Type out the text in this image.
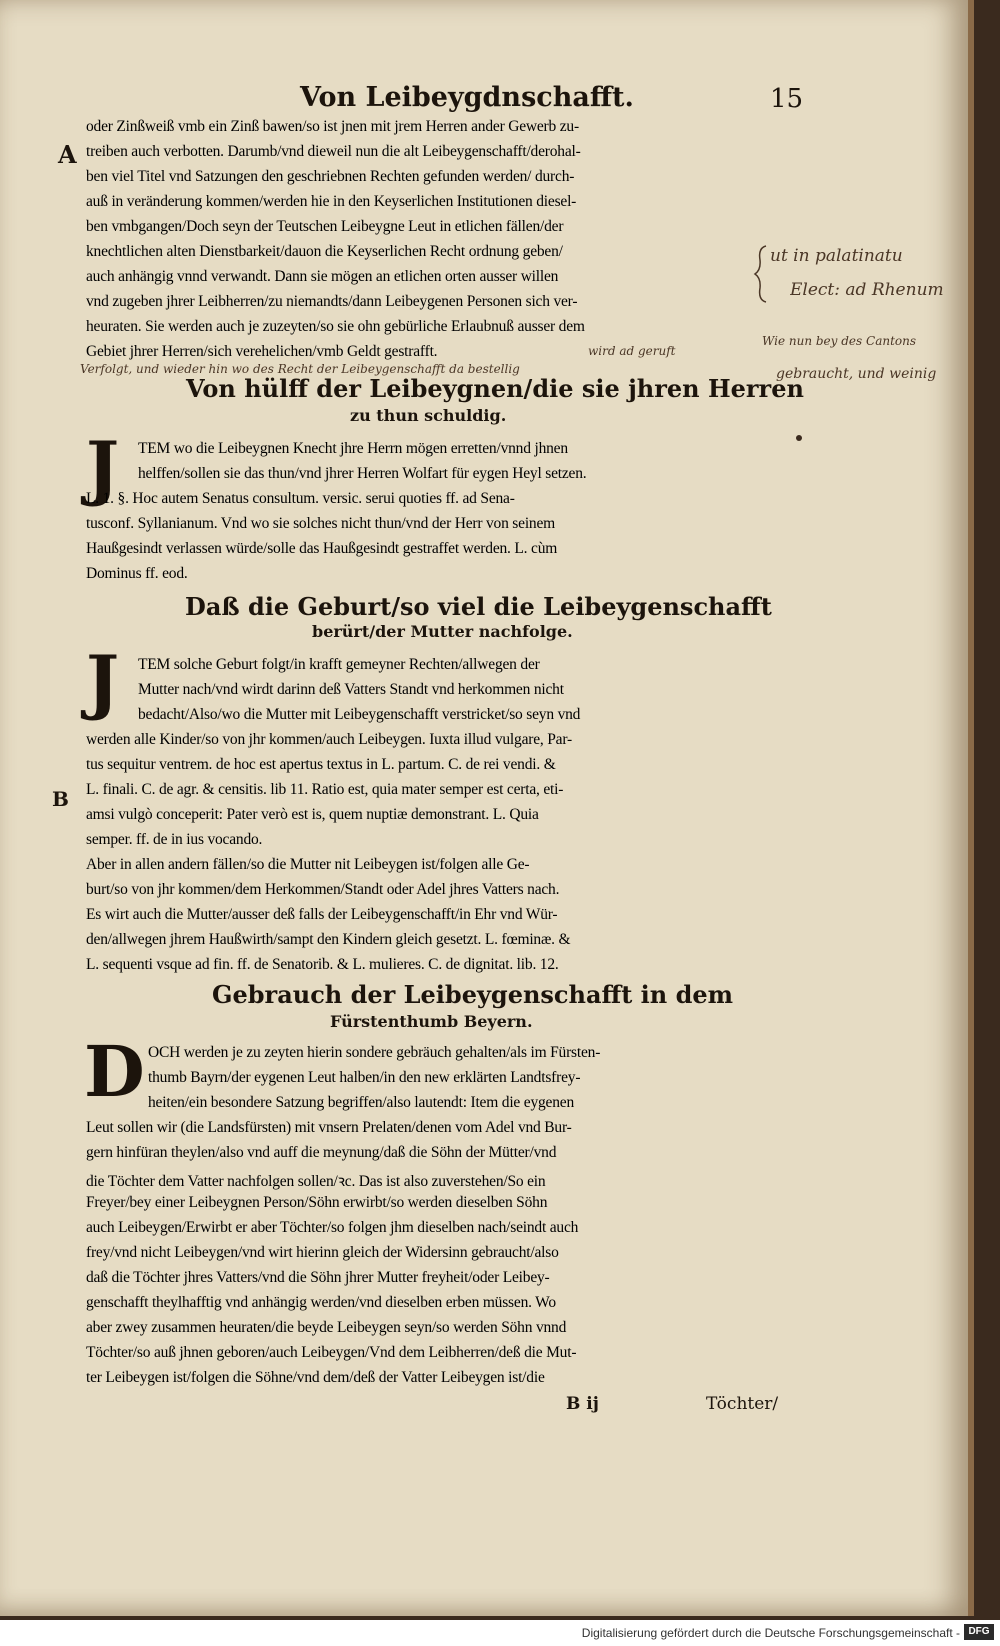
Von Leibeygdnschafft.	15
A
B
oder Zinßweiß vmb ein Zinß bawen/so ist jnen mit jrem Herren ander Gewerb zu-
treiben auch verbotten. Darumb/vnd dieweil nun die alt Leibeygenschafft/derohal-
ben viel Titel vnd Satzungen den geschriebnen Rechten gefunden werden/ durch-
auß in veränderung kommen/werden hie in den Keyserlichen Institutionen diesel-
ben vmbgangen/Doch seyn der Teutschen Leibeygne Leut in etlichen fällen/der
knechtlichen alten Dienstbarkeit/dauon die Keyserlichen Recht ordnung geben/
auch anhängig vnnd verwandt. Dann sie mögen an etlichen orten ausser willen
vnd zugeben jhrer Leibherren/zu niemandts/dann Leibeygenen Personen sich ver-
heuraten. Sie werden auch je zuzeyten/so sie ohn gebürliche Erlaubnuß ausser dem
Gebiet jhrer Herren/sich verehelichen/vmb Geldt gestrafft.	wird ad geruft
Verfolgt, und wieder hin wo des Recht der Leibeygenschafft da bestellig
ut in palatinatu
Elect: ad Rhenum
Wie nun bey des Cantons
gebraucht, und weinig
Von hülff der Leibeygnen/die sie jhren Herren
zu thun schuldig.
J TEM wo die Leibeygnen Knecht jhre Herrn mögen erretten/vnnd jhnen
helffen/sollen sie das thun/vnd jhrer Herren Wolfart für eygen Heyl setzen.
L. 1. §. Hoc autem Senatus consultum. versic. serui quoties ff. ad Sena-
tusconf. Syllanianum. Vnd wo sie solches nicht thun/vnd der Herr von seinem
Haußgesindt verlassen würde/solle das Haußgesindt gestraffet werden. L. cùm
Dominus ff. eod.
Daß die Geburt/so viel die Leibeygenschafft
berürt/der Mutter nachfolge.
J TEM solche Geburt folgt/in krafft gemeyner Rechten/allwegen der
Mutter nach/vnd wirdt darinn deß Vatters Standt vnd herkommen nicht
bedacht/Also/wo die Mutter mit Leibeygenschafft verstricket/so seyn vnd
werden alle Kinder/so von jhr kommen/auch Leibeygen. Iuxta illud vulgare, Par-
tus sequitur ventrem. de hoc est apertus textus in L. partum. C. de rei vendi. &
L. finali. C. de agr. & censitis. lib 11. Ratio est, quia mater semper est certa, eti-
amsi vulgò conceperit: Pater verò est is, quem nuptiæ demonstrant. L. Quia
semper. ff. de in ius vocando.
Aber in allen andern fällen/so die Mutter nit Leibeygen ist/folgen alle Ge-
burt/so von jhr kommen/dem Herkommen/Standt oder Adel jhres Vatters nach.
Es wirt auch die Mutter/ausser deß falls der Leibeygenschafft/in Ehr vnd Wür-
den/allwegen jhrem Haußwirth/sampt den Kindern gleich gesetzt. L. fœminæ. &
L. sequenti vsque ad fin. ff. de Senatorib. & L. mulieres. C. de dignitat. lib. 12.
Gebrauch der Leibeygenschafft in dem
Fürstenthumb Beyern.
D OCH werden je zu zeyten hierin sondere gebräuch gehalten/als im Fürsten-
thumb Bayrn/der eygenen Leut halben/in den new erklärten Landtsfrey-
heiten/ein besondere Satzung begriffen/also lautendt: Item die eygenen
Leut sollen wir (die Landsfürsten) mit vnsern Prelaten/denen vom Adel vnd Bur-
gern hinfüran theylen/also vnd auff die meynung/daß die Söhn der Mütter/vnd
die Töchter dem Vatter nachfolgen sollen/ꝛc. Das ist also zuverstehen/So ein
Freyer/bey einer Leibeygnen Person/Söhn erwirbt/so werden dieselben Söhn
auch Leibeygen/Erwirbt er aber Töchter/so folgen jhm dieselben nach/seindt auch
frey/vnd nicht Leibeygen/vnd wirt hierinn gleich der Widersinn gebraucht/also
daß die Töchter jhres Vatters/vnd die Söhn jhrer Mutter freyheit/oder Leibey-
genschafft theylhafftig vnd anhängig werden/vnd dieselben erben müssen. Wo
aber zwey zusammen heuraten/die beyde Leibeygen seyn/so werden Söhn vnnd
Töchter/so auß jhnen geboren/auch Leibeygen/Vnd dem Leibherren/deß die Mut-
ter Leibeygen ist/folgen die Söhne/vnd dem/deß der Vatter Leibeygen ist/die
B ij	Töchter/
Digitalisierung gefördert durch die Deutsche Forschungsgemeinschaft - DFG
